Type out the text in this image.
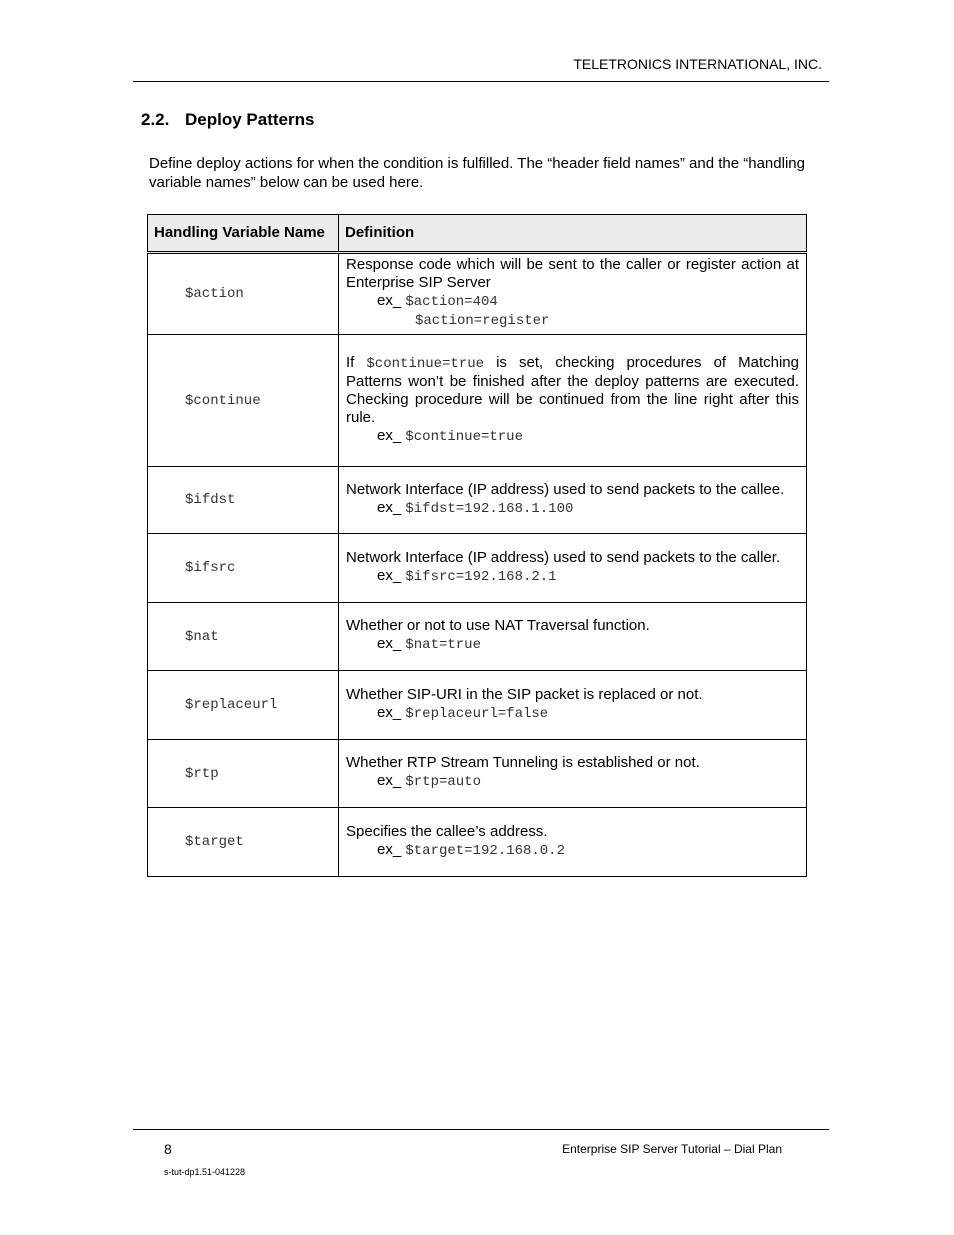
TELETRONICS INTERNATIONAL, INC.
2.2. Deploy Patterns
Define deploy actions for when the condition is fulfilled. The “header field names” and the “handling variable names” below can be used here.
Handling Variable Name	Definition
$action	Response code which will be sent to the caller or register action at Enterprise SIP Server
ex_ $action=404
$action=register

$continue	If $continue=true is set, checking procedures of Matching Patterns won’t be finished after the deploy patterns are executed. Checking procedure will be continued from the line right after this rule.
ex_ $continue=true

$ifdst	Network Interface (IP address) used to send packets to the callee.
ex_ $ifdst=192.168.1.100

$ifsrc	Network Interface (IP address) used to send packets to the caller.
ex_ $ifsrc=192.168.2.1

$nat	Whether or not to use NAT Traversal function.
ex_ $nat=true

$replaceurl	Whether SIP-URI in the SIP packet is replaced or not.
ex_ $replaceurl=false

$rtp	Whether RTP Stream Tunneling is established or not.
ex_ $rtp=auto

$target	Specifies the callee’s address.
ex_ $target=192.168.0.2
8	Enterprise SIP Server Tutorial – Dial Plan
s-tut-dp1.51-041228
